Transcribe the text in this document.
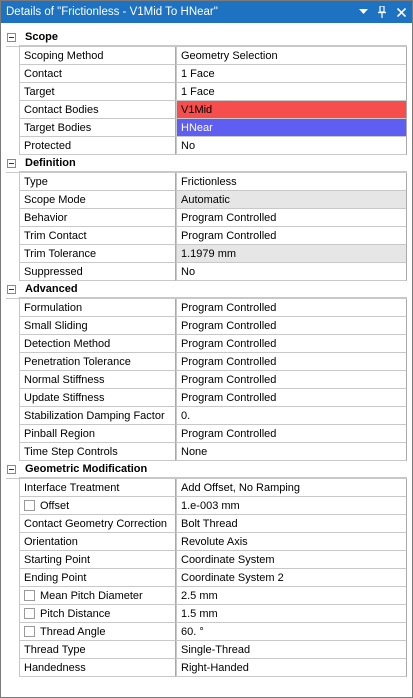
Details of "Frictionless - V1Mid To HNear"
Scope
Scoping Method	Geometry Selection
Contact	1 Face
Target	1 Face
Contact Bodies	V1Mid
Target Bodies	HNear
Protected	No
Definition
Type	Frictionless
Scope Mode	Automatic
Behavior	Program Controlled
Trim Contact	Program Controlled
Trim Tolerance	1.1979 mm
Suppressed	No
Advanced
Formulation	Program Controlled
Small Sliding	Program Controlled
Detection Method	Program Controlled
Penetration Tolerance	Program Controlled
Normal Stiffness	Program Controlled
Update Stiffness	Program Controlled
Stabilization Damping Factor	0.
Pinball Region	Program Controlled
Time Step Controls	None
Geometric Modification
Interface Treatment	Add Offset, No Ramping
Offset	1.e-003 mm
Contact Geometry Correction	Bolt Thread
Orientation	Revolute Axis
Starting Point	Coordinate System
Ending Point	Coordinate System 2
Mean Pitch Diameter	2.5 mm
Pitch Distance	1.5 mm
Thread Angle	60. °
Thread Type	Single-Thread
Handedness	Right-Handed
